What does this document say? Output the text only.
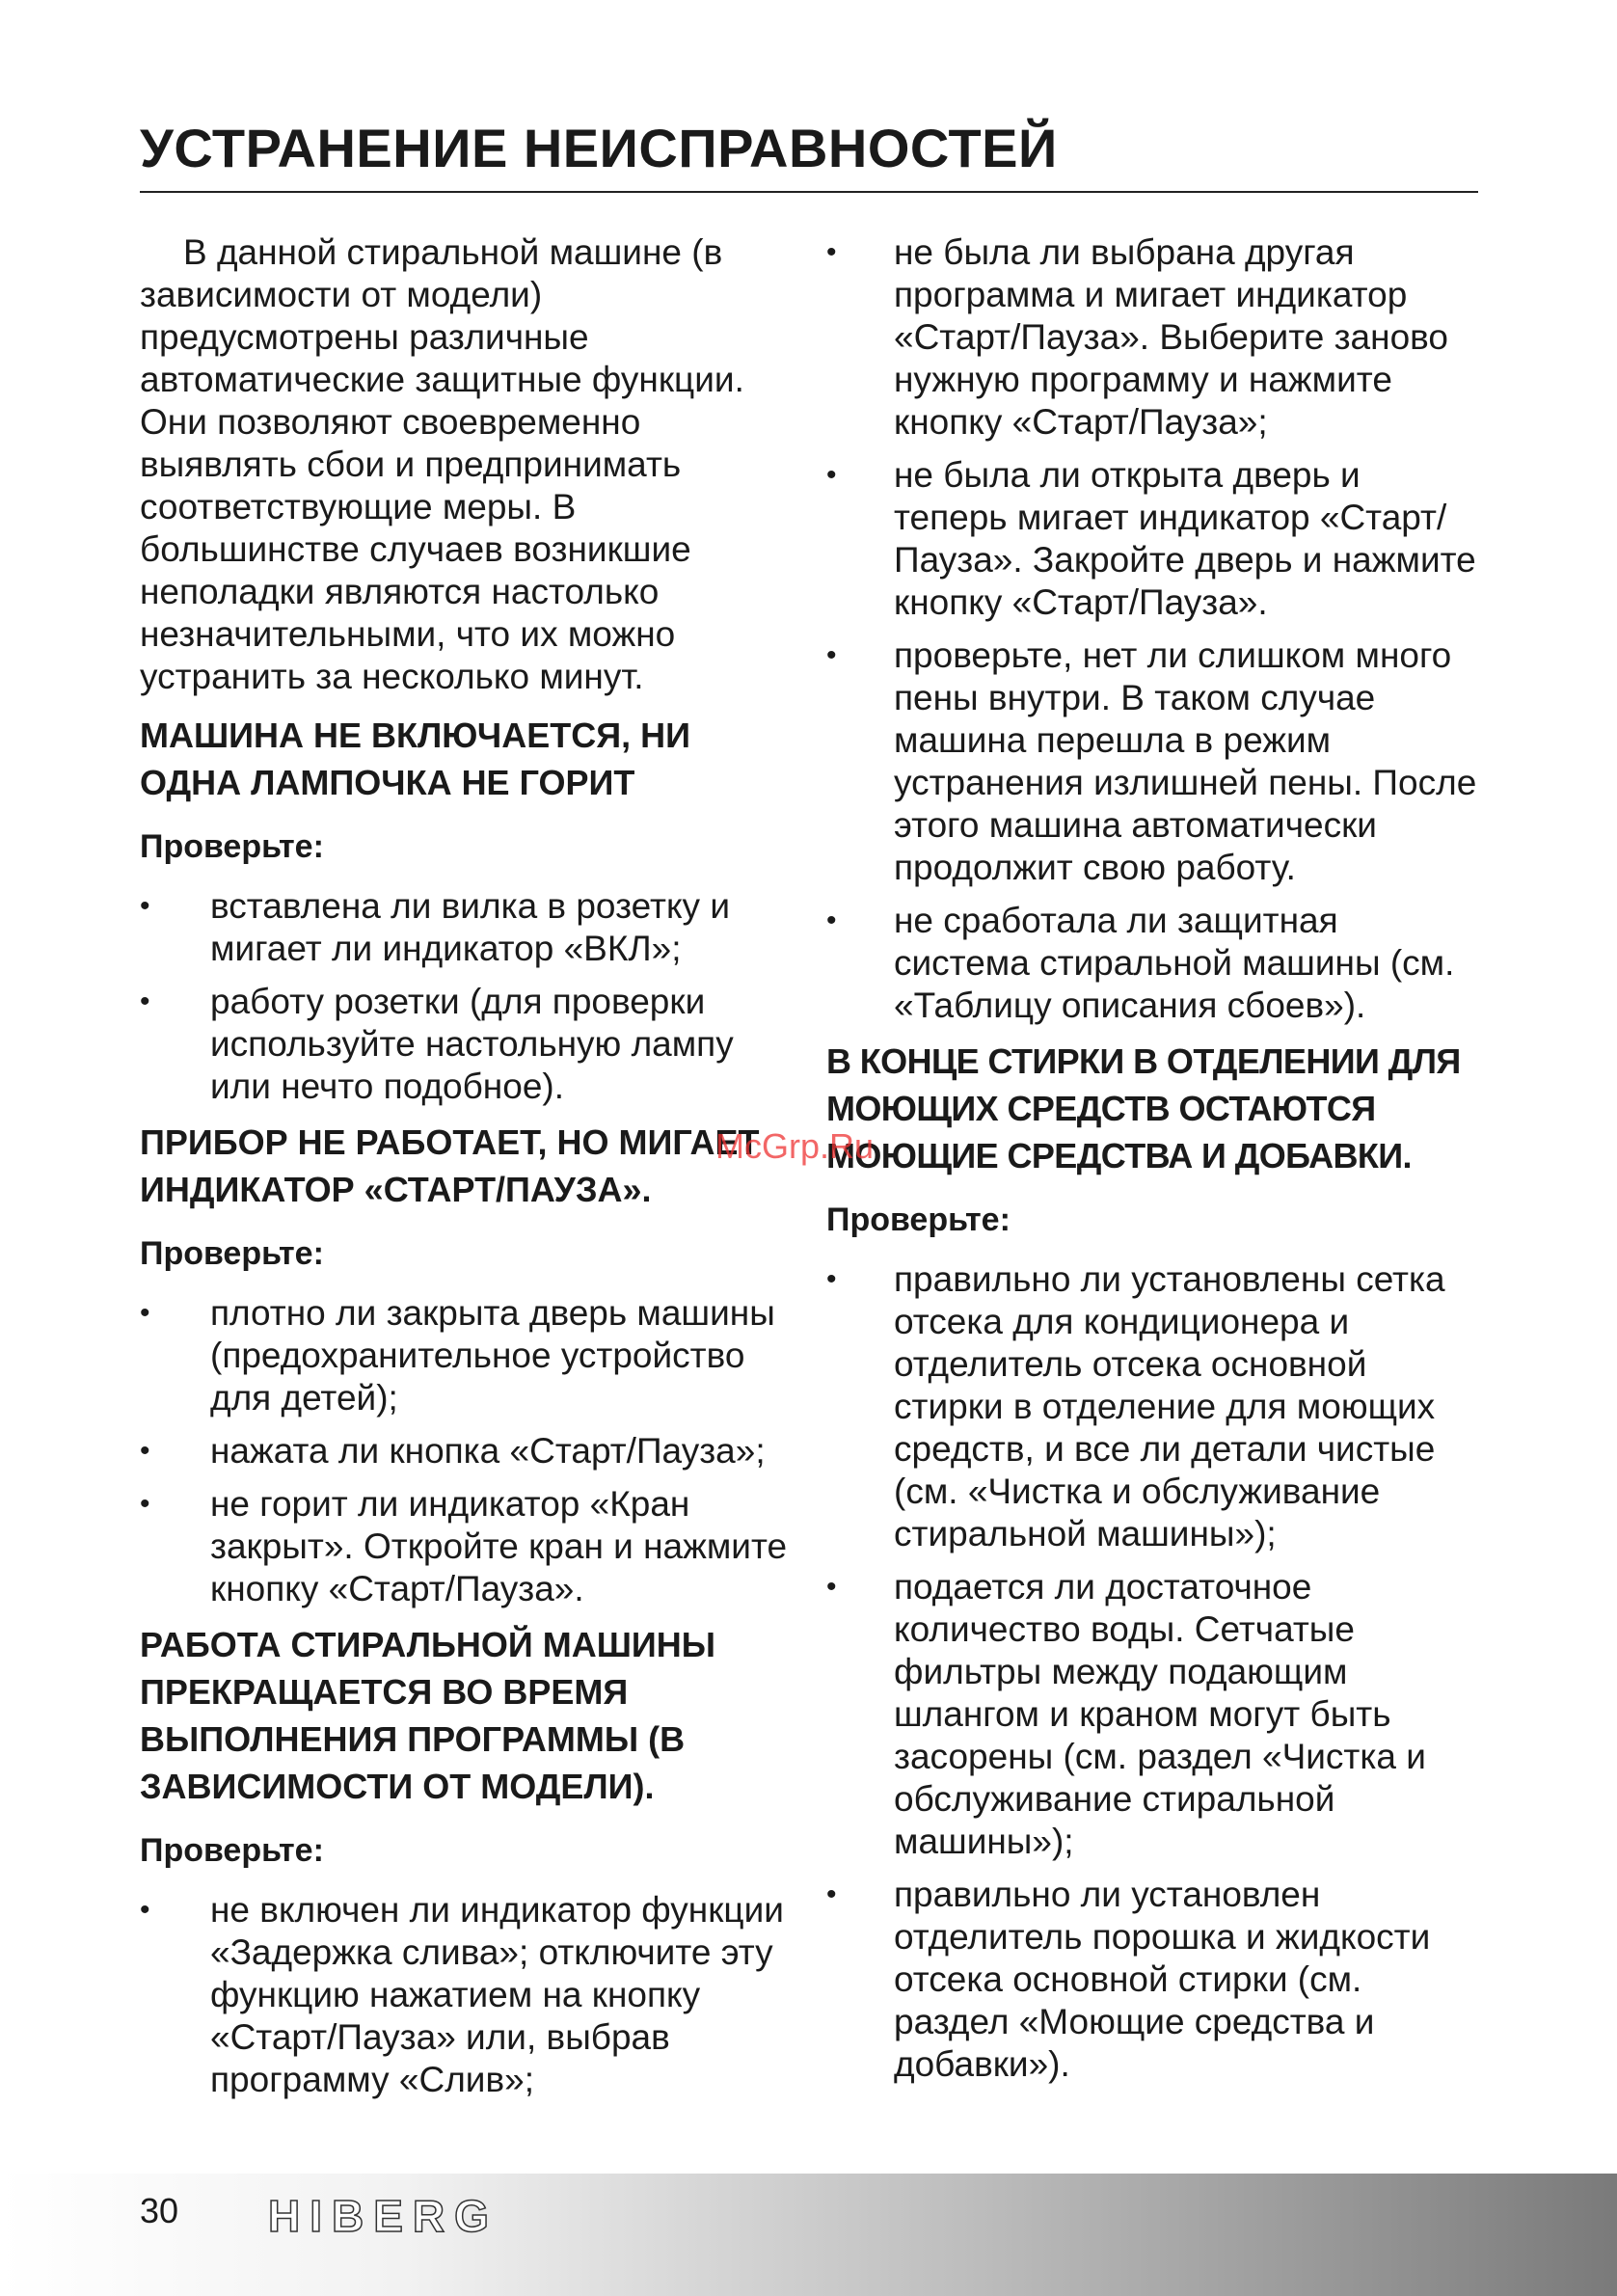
УСТРАНЕНИЕ НЕИСПРАВНОСТЕЙ

В данной стиральной машине (в зависимости от модели) предусмотрены различные автоматические защитные функции. Они позволяют своевременно выявлять сбои и предпринимать соответствующие меры. В большинстве случаев возникшие неполадки являются настолько незначительными, что их можно устранить за несколько минут.

МАШИНА НЕ ВКЛЮЧАЕТСЯ, НИ ОДНА ЛАМПОЧКА НЕ ГОРИТ
Проверьте:
• вставлена ли вилка в розетку и мигает ли индикатор «ВКЛ»;
• работу розетки (для проверки используйте настольную лампу или нечто подобное).
ПРИБОР НЕ РАБОТАЕТ, НО МИГАЕТ ИНДИКАТОР «СТАРТ/ПАУЗА».
Проверьте:
• плотно ли закрыта дверь машины (предохранительное устройство для детей);
• нажата ли кнопка «Старт/Пауза»;
• не горит ли индикатор «Кран закрыт». Откройте кран и нажмите кнопку «Старт/Пауза».
РАБОТА СТИРАЛЬНОЙ МАШИНЫ ПРЕКРАЩАЕТСЯ ВО ВРЕМЯ ВЫПОЛНЕНИЯ ПРОГРАММЫ (В ЗАВИСИМОСТИ ОТ МОДЕЛИ).
Проверьте:
• не включен ли индикатор функции «Задержка слива»; отключите эту функцию нажатием на кнопку «Старт/Пауза» или, выбрав программу «Слив»;
• не была ли выбрана другая программа и мигает индикатор «Старт/Пауза». Выберите заново нужную программу и нажмите кнопку «Старт/Пауза»;
• не была ли открыта дверь и теперь мигает индикатор «Старт/Пауза». Закройте дверь и нажмите кнопку «Старт/Пауза».
• проверьте, нет ли слишком много пены внутри. В таком случае машина перешла в режим устранения излишней пены. После этого машина автоматически продолжит свою работу.
• не сработала ли защитная система стиральной машины (см. «Таблицу описания сбоев»).
В КОНЦЕ СТИРКИ В ОТДЕЛЕНИИ ДЛЯ МОЮЩИХ СРЕДСТВ ОСТАЮТСЯ МОЮЩИЕ СРЕДСТВА И ДОБАВКИ.
Проверьте:
• правильно ли установлены сетка отсека для кондиционера и отделитель отсека основной стирки в отделение для моющих средств, и все ли детали чистые (см. «Чистка и обслуживание стиральной машины»);
• подается ли достаточное количество воды. Сетчатые фильтры между подающим шлангом и краном могут быть засорены (см. раздел «Чистка и обслуживание стиральной машины»);
• правильно ли установлен отделитель порошка и жидкости отсека основной стирки (см. раздел «Моющие средства и добавки»).
McGrp.Ru
30 HIBERG
